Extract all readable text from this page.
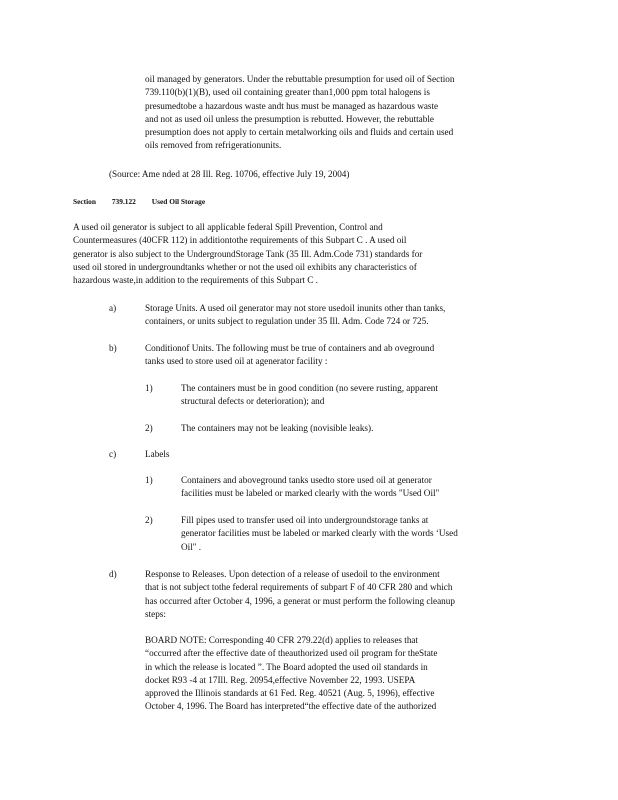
oil managed by generators. Under the rebuttable presumption for used oil of Section
739.110(b)(1)(B), used oil containing greater than1,000 ppm total halogens is
presumedtobe a hazardous waste andt hus must be managed as hazardous waste
and not as used oil unless the presumption is rebutted. However, the rebuttable
presumption does not apply to certain metalworking oils and fluids and certain used
oils removed from refrigerationunits.
(Source: Ame nded at 28 Ill. Reg. 10706, effective July 19, 2004)
Section 739.122 Used Oil Storage
A used oil generator is subject to all applicable federal Spill Prevention, Control and
Countermeasures (40CFR 112) in additiontothe requirements of this Subpart C . A used oil
generator is also subject to the UndergroundStorage Tank (35 Ill. Adm.Code 731) standards for
used oil stored in undergroundtanks whether or not the used oil exhibits any characteristics of
hazardous waste,in addition to the requirements of this Subpart C .
a)	Storage Units. A used oil generator may not store usedoil inunits other than tanks,
containers, or units subject to regulation under 35 Ill. Adm. Code 724 or 725.
b)	Conditionof Units. The following must be true of containers and ab oveground
tanks used to store used oil at agenerator facility :
1)	The containers must be in good condition (no severe rusting, apparent
structural defects or deterioration); and
2)	The containers may not be leaking (novisible leaks).
c)	Labels
1)	Containers and aboveground tanks usedto store used oil at generator
facilities must be labeled or marked clearly with the words "Used Oil"
2)	Fill pipes used to transfer used oil into undergroundstorage tanks at
generator facilities must be labeled or marked clearly with the words ‘Used
Oil" .
d)	Response to Releases. Upon detection of a release of usedoil to the environment
that is not subject tothe federal requirements of subpart F of 40 CFR 280 and which
has occurred after October 4, 1996, a generat or must perform the following cleanup
steps:
BOARD NOTE: Corresponding 40 CFR 279.22(d) applies to releases that
“occurred after the effective date of theauthorized used oil program for theState
in which the release is located ”. The Board adopted the used oil standards in
docket R93 -4 at 17Ill. Reg. 20954,effective November 22, 1993. USEPA
approved the Illinois standards at 61 Fed. Reg. 40521 (Aug. 5, 1996), effective
October 4, 1996. The Board has interpreted“the effective date of the authorized
